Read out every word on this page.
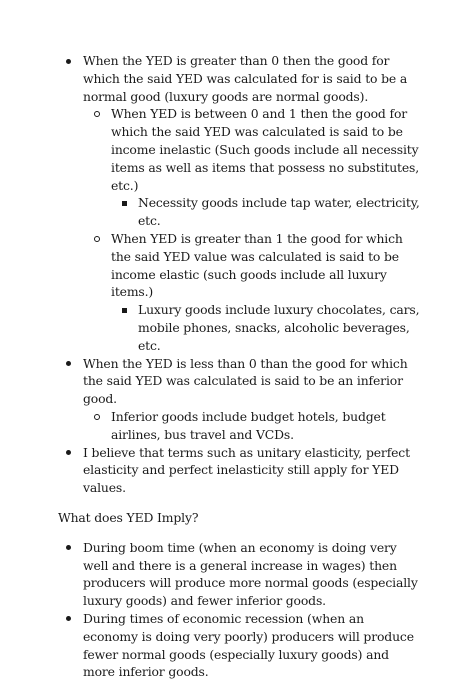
When the YED is greater than 0 then the good for which the said YED was calculated for is said to be a normal good (luxury goods are normal goods).
When YED is between 0 and 1 then the good for which the said YED was calculated is said to be income inelastic (Such goods include all necessity items as well as items that possess no substitutes, etc.)
Necessity goods include tap water, electricity, etc.
When YED is greater than 1 the good for which the said YED value was calculated is said to be income elastic (such goods include all luxury items.)
Luxury goods include luxury chocolates, cars, mobile phones, snacks, alcoholic beverages, etc.
When the YED is less than 0 than the good for which the said YED was calculated is said to be an inferior good.
Inferior goods include budget hotels, budget airlines, bus travel and VCDs.
I believe that terms such as unitary elasticity, perfect elasticity and perfect inelasticity still apply for YED values.
What does YED Imply?
During boom time (when an economy is doing very well and there is a general increase in wages) then producers will produce more normal goods (especially luxury goods) and fewer inferior goods.
During times of economic recession (when an economy is doing very poorly) producers will produce fewer normal goods (especially luxury goods) and more inferior goods.
